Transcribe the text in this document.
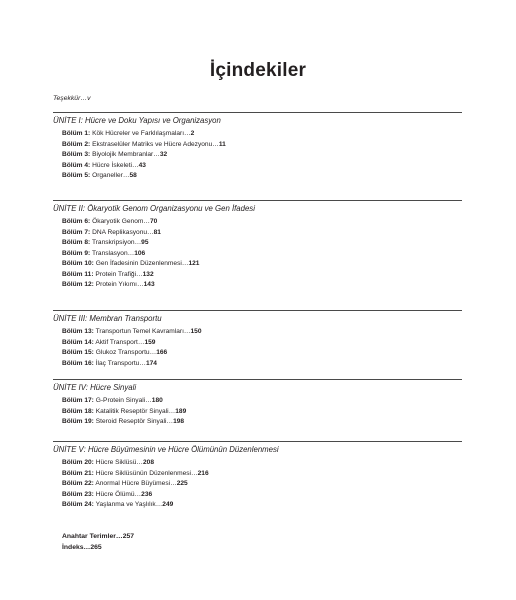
İçindekiler
Teşekkür…v
ÜNİTE I: Hücre ve Doku Yapısı ve Organizasyon
Bölüm 1: Kök Hücreler ve Farklılaşmaları…2
Bölüm 2: Ekstraselüler Matriks ve Hücre Adezyonu…11
Bölüm 3: Biyolojik Membranlar…32
Bölüm 4: Hücre İskeleti…43
Bölüm 5: Organeller…58
ÜNİTE II: Ökaryotik Genom Organizasyonu ve Gen İfadesi
Bölüm 6: Ökaryotik Genom…70
Bölüm 7: DNA Replikasyonu…81
Bölüm 8: Transkripsiyon…95
Bölüm 9: Translasyon…106
Bölüm 10: Gen İfadesinin Düzenlenmesi…121
Bölüm 11: Protein Trafiği…132
Bölüm 12: Protein Yıkımı…143
ÜNİTE III: Membran Transportu
Bölüm 13: Transportun Temel Kavramları…150
Bölüm 14: Aktif Transport…159
Bölüm 15: Glukoz Transportu…166
Bölüm 16: İlaç Transportu…174
ÜNİTE IV: Hücre Sinyali
Bölüm 17: G-Protein Sinyali…180
Bölüm 18: Katalitik Reseptör Sinyali…189
Bölüm 19: Steroid Reseptör Sinyali…198
ÜNİTE V: Hücre Büyümesinin ve Hücre Ölümünün Düzenlenmesi
Bölüm 20: Hücre Siklüsü…208
Bölüm 21: Hücre Siklüsünün Düzenlenmesi…216
Bölüm 22: Anormal Hücre Büyümesi…225
Bölüm 23: Hücre Ölümü…236
Bölüm 24: Yaşlanma ve Yaşlılık…249
Anahtar Terimler…257
İndeks…265
